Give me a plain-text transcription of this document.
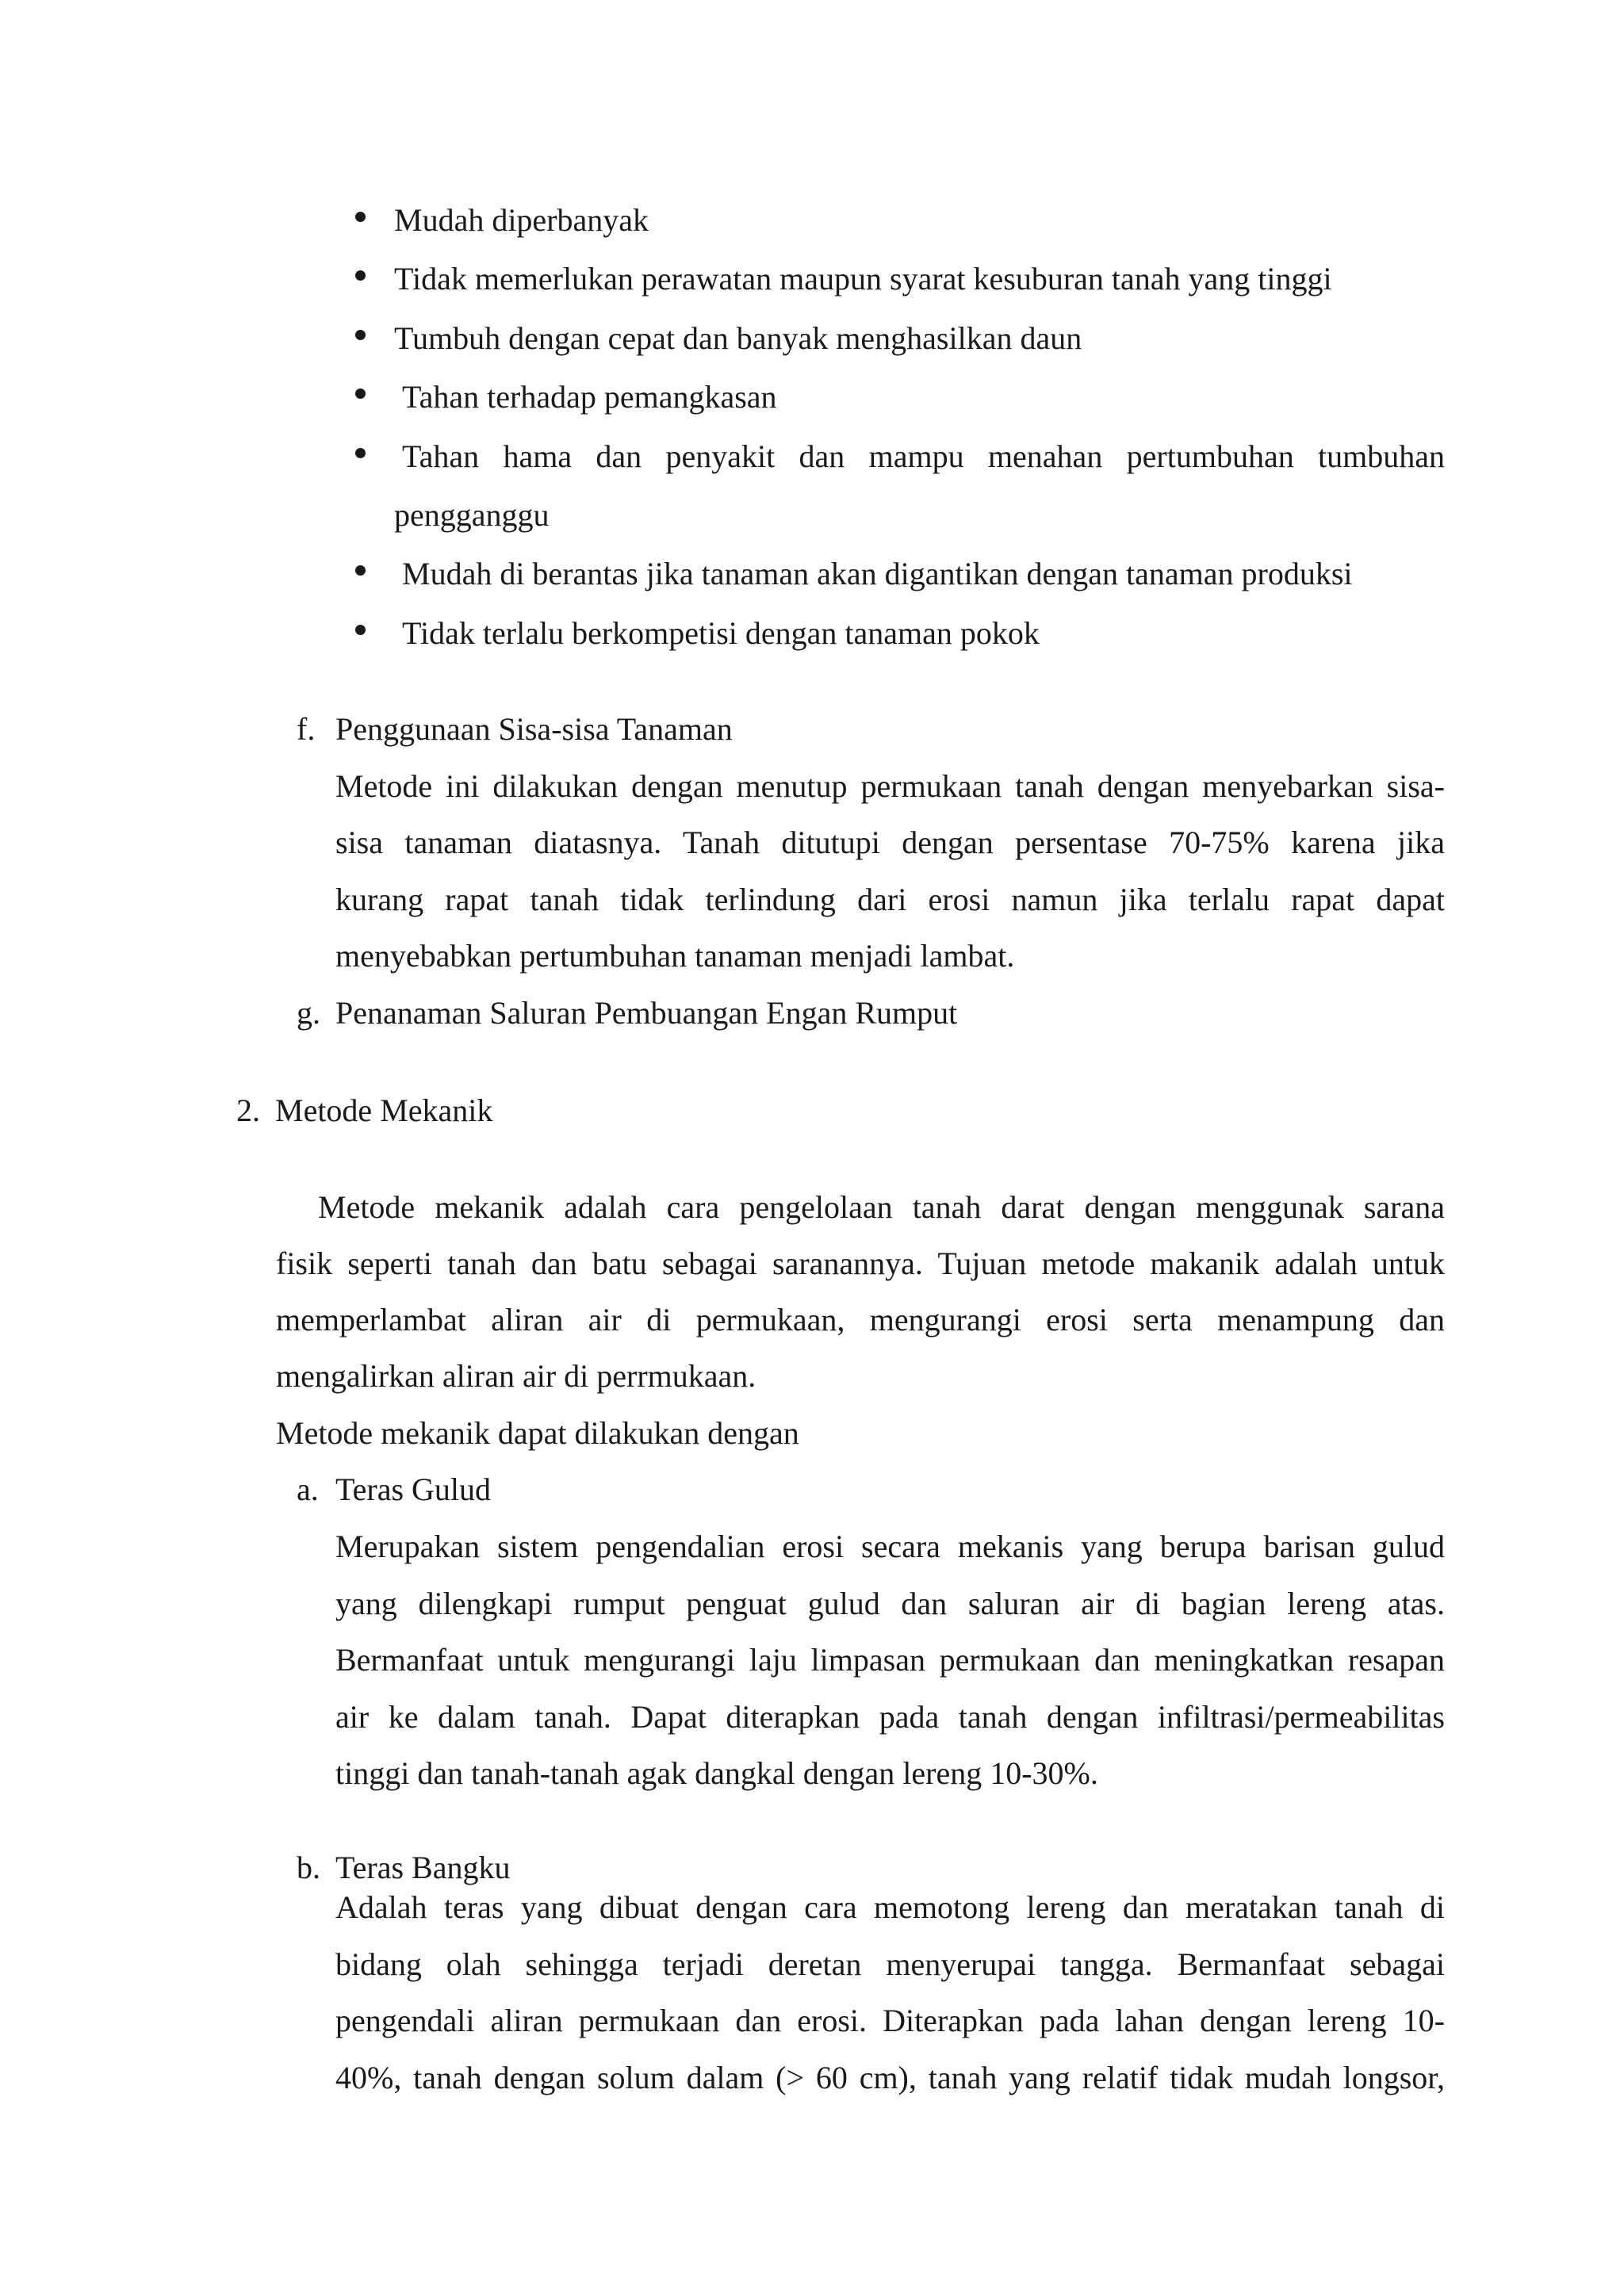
Mudah diperbanyak
Tidak memerlukan perawatan maupun syarat kesuburan tanah yang tinggi
Tumbuh dengan cepat dan banyak menghasilkan daun
Tahan terhadap pemangkasan
Tahan hama dan penyakit dan mampu menahan pertumbuhan tumbuhan
pengganggu
Mudah di berantas jika tanaman akan digantikan dengan tanaman produksi
Tidak terlalu berkompetisi dengan tanaman pokok
f. Penggunaan Sisa-sisa Tanaman
Metode ini dilakukan dengan menutup permukaan tanah dengan menyebarkan sisa-
sisa tanaman diatasnya. Tanah ditutupi dengan persentase 70-75% karena jika
kurang rapat tanah tidak terlindung dari erosi namun jika terlalu rapat dapat
menyebabkan pertumbuhan tanaman menjadi lambat.
g. Penanaman Saluran Pembuangan Engan Rumput
2. Metode Mekanik
Metode mekanik adalah cara pengelolaan tanah darat dengan menggunak sarana
fisik seperti tanah dan batu sebagai saranannya. Tujuan metode makanik adalah untuk
memperlambat aliran air di permukaan, mengurangi erosi serta menampung dan
mengalirkan aliran air di perrmukaan.
Metode mekanik dapat dilakukan dengan
a. Teras Gulud
Merupakan sistem pengendalian erosi secara mekanis yang berupa barisan gulud
yang dilengkapi rumput penguat gulud dan saluran air di bagian lereng atas.
Bermanfaat untuk mengurangi laju limpasan permukaan dan meningkatkan resapan
air ke dalam tanah. Dapat diterapkan pada tanah dengan infiltrasi/permeabilitas
tinggi dan tanah-tanah agak dangkal dengan lereng 10-30%.
b. Teras Bangku
Adalah teras yang dibuat dengan cara memotong lereng dan meratakan tanah di
bidang olah sehingga terjadi deretan menyerupai tangga. Bermanfaat sebagai
pengendali aliran permukaan dan erosi. Diterapkan pada lahan dengan lereng 10-
40%, tanah dengan solum dalam (> 60 cm), tanah yang relatif tidak mudah longsor,
